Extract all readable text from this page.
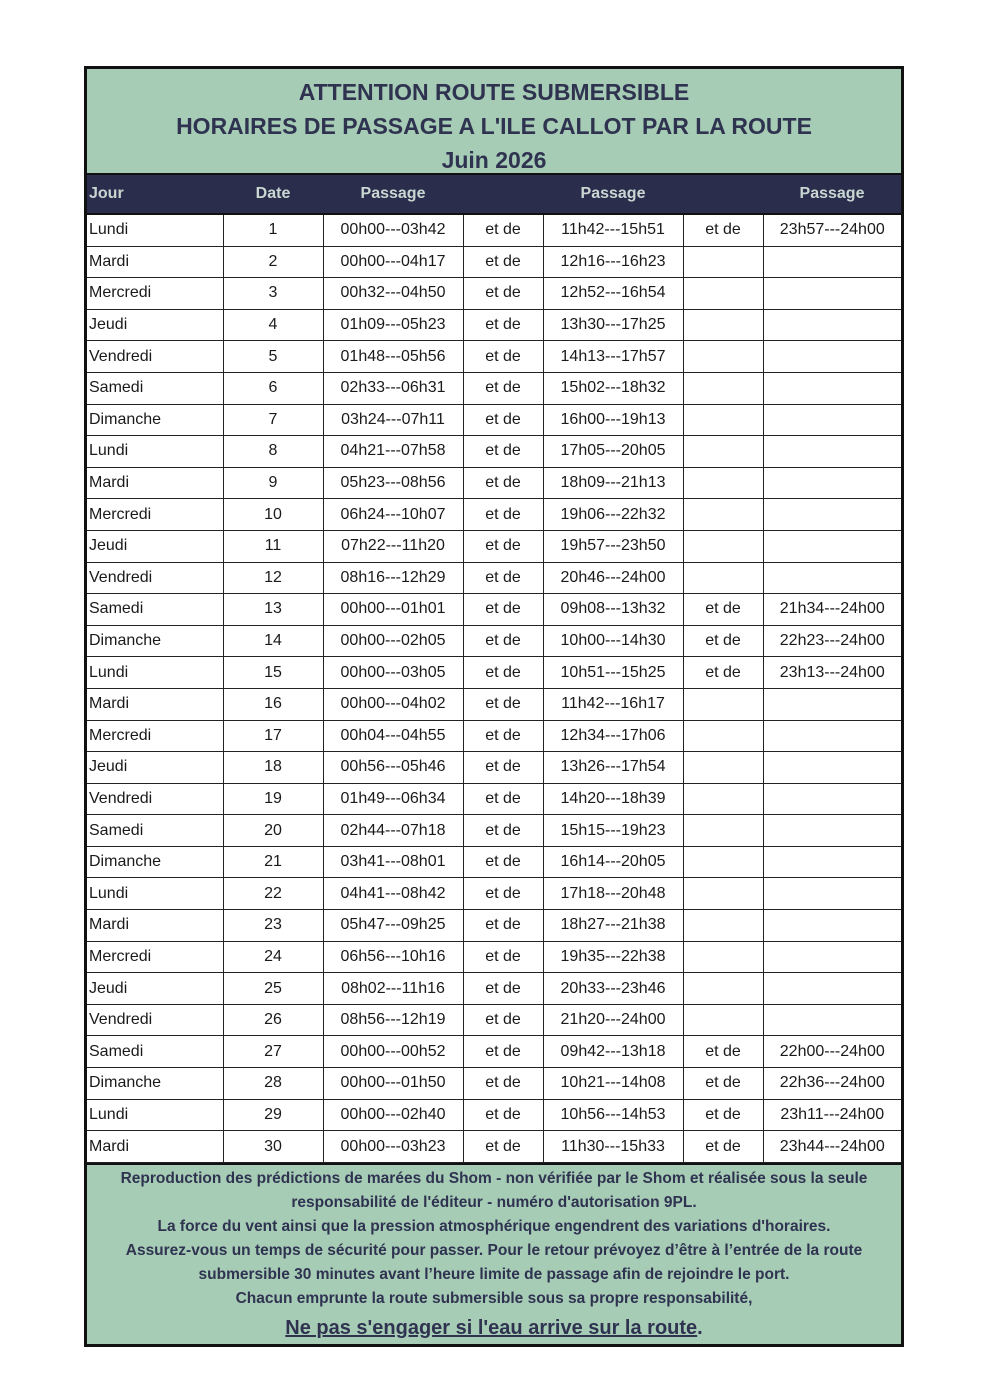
ATTENTION ROUTE SUBMERSIBLE
HORAIRES DE PASSAGE A L'ILE CALLOT PAR LA ROUTE
Juin 2026
Jour	Date	Passage	Passage	Passage
Lundi	1	00h00---03h42	et de	11h42---15h51	et de	23h57---24h00
Mardi	2	00h00---04h17	et de	12h16---16h23		
Mercredi	3	00h32---04h50	et de	12h52---16h54		
Jeudi	4	01h09---05h23	et de	13h30---17h25		
Vendredi	5	01h48---05h56	et de	14h13---17h57		
Samedi	6	02h33---06h31	et de	15h02---18h32		
Dimanche	7	03h24---07h11	et de	16h00---19h13		
Lundi	8	04h21---07h58	et de	17h05---20h05		
Mardi	9	05h23---08h56	et de	18h09---21h13		
Mercredi	10	06h24---10h07	et de	19h06---22h32		
Jeudi	11	07h22---11h20	et de	19h57---23h50		
Vendredi	12	08h16---12h29	et de	20h46---24h00		
Samedi	13	00h00---01h01	et de	09h08---13h32	et de	21h34---24h00
Dimanche	14	00h00---02h05	et de	10h00---14h30	et de	22h23---24h00
Lundi	15	00h00---03h05	et de	10h51---15h25	et de	23h13---24h00
Mardi	16	00h00---04h02	et de	11h42---16h17		
Mercredi	17	00h04---04h55	et de	12h34---17h06		
Jeudi	18	00h56---05h46	et de	13h26---17h54		
Vendredi	19	01h49---06h34	et de	14h20---18h39		
Samedi	20	02h44---07h18	et de	15h15---19h23		
Dimanche	21	03h41---08h01	et de	16h14---20h05		
Lundi	22	04h41---08h42	et de	17h18---20h48		
Mardi	23	05h47---09h25	et de	18h27---21h38		
Mercredi	24	06h56---10h16	et de	19h35---22h38		
Jeudi	25	08h02---11h16	et de	20h33---23h46		
Vendredi	26	08h56---12h19	et de	21h20---24h00		
Samedi	27	00h00---00h52	et de	09h42---13h18	et de	22h00---24h00
Dimanche	28	00h00---01h50	et de	10h21---14h08	et de	22h36---24h00
Lundi	29	00h00---02h40	et de	10h56---14h53	et de	23h11---24h00
Mardi	30	00h00---03h23	et de	11h30---15h33	et de	23h44---24h00
Reproduction des prédictions de marées du Shom - non vérifiée par le Shom et réalisée sous la seule
responsabilité de l'éditeur - numéro d'autorisation 9PL.
La force du vent ainsi que la pression atmosphérique engendrent des variations d'horaires.
Assurez-vous un temps de sécurité pour passer. Pour le retour prévoyez d’être à l’entrée de la route
submersible 30 minutes avant l’heure limite de passage afin de rejoindre le port.
Chacun emprunte la route submersible sous sa propre responsabilité,
Ne pas s'engager si l'eau arrive sur la route.
